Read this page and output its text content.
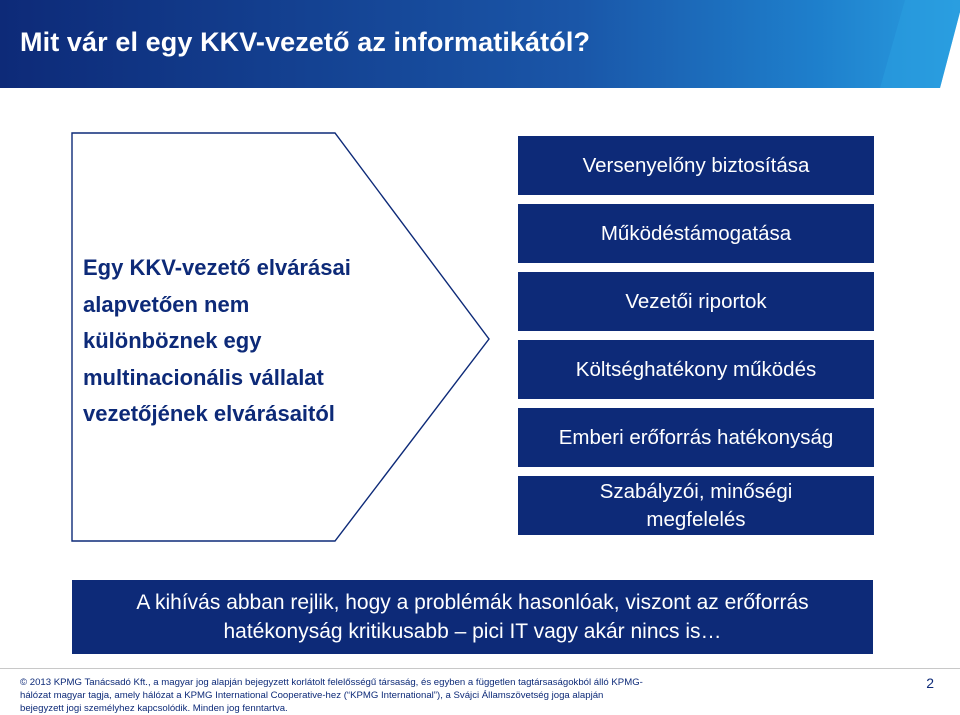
Mit vár el egy KKV-vezető az informatikától?
Egy KKV-vezető elvárásai
alapvetően nem
különböznek egy
multinacionális vállalat
vezetőjének elvárásaitól
Versenyelőny biztosítása
Működéstámogatása
Vezetői riportok
Költséghatékony működés
Emberi erőforrás hatékonyság
Szabályzói, minőségi
megfelelés
A kihívás abban rejlik, hogy a problémák hasonlóak, viszont az erőforrás
hatékonyság kritikusabb – pici IT vagy akár nincs is…
© 2013 KPMG Tanácsadó Kft., a magyar jog alapján bejegyzett korlátolt felelősségű társaság, és egyben a független tagtársaságokból álló KPMG-
hálózat magyar tagja, amely hálózat a KPMG International Cooperative-hez (“KPMG International”), a Svájci Államszövetség joga alapján
bejegyzett jogi személyhez kapcsolódik. Minden jog fenntartva.
2
